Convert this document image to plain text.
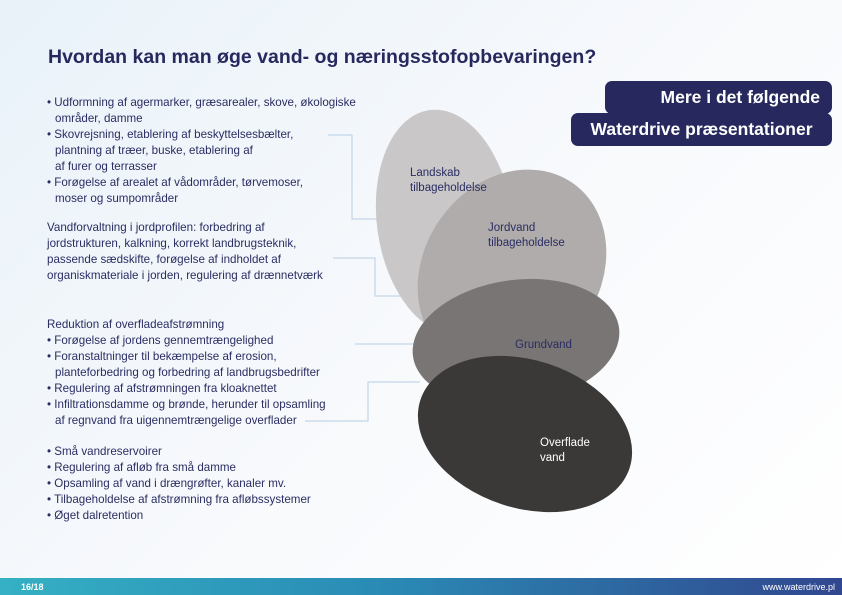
Hvordan kan man øge vand- og næringsstofopbevaringen?
Landskab
tilbageholdelse
Jordvand
tilbageholdelse
Grundvand
Overflade
vand
Mere i det følgende
Waterdrive præsentationer
• Udformning af agermarker, græsarealer, skove, økologiske
områder, damme
• Skovrejsning, etablering af beskyttelsesbælter,
plantning af træer, buske, etablering af
af furer og terrasser
• Forøgelse af arealet af vådområder, tørvemoser,
moser og sumpområder
Vandforvaltning i jordprofilen: forbedring af
jordstrukturen, kalkning, korrekt landbrugsteknik,
passende sædskifte, forøgelse af indholdet af
organiskmateriale i jorden, regulering af drænnetværk
Reduktion af overfladeafstrømning
• Forøgelse af jordens gennemtrængelighed
• Foranstaltninger til bekæmpelse af erosion,
planteforbedring og forbedring af landbrugsbedrifter
• Regulering af afstrømningen fra kloaknettet
• Infiltrationsdamme og brønde, herunder til opsamling
af regnvand fra uigennemtrængelige overflader
• Små vandreservoirer
• Regulering af afløb fra små damme
• Opsamling af vand i drængrøfter, kanaler mv.
• Tilbageholdelse af afstrømning fra afløbssystemer
• Øget dalretention
16/18	www.waterdrive.pl
